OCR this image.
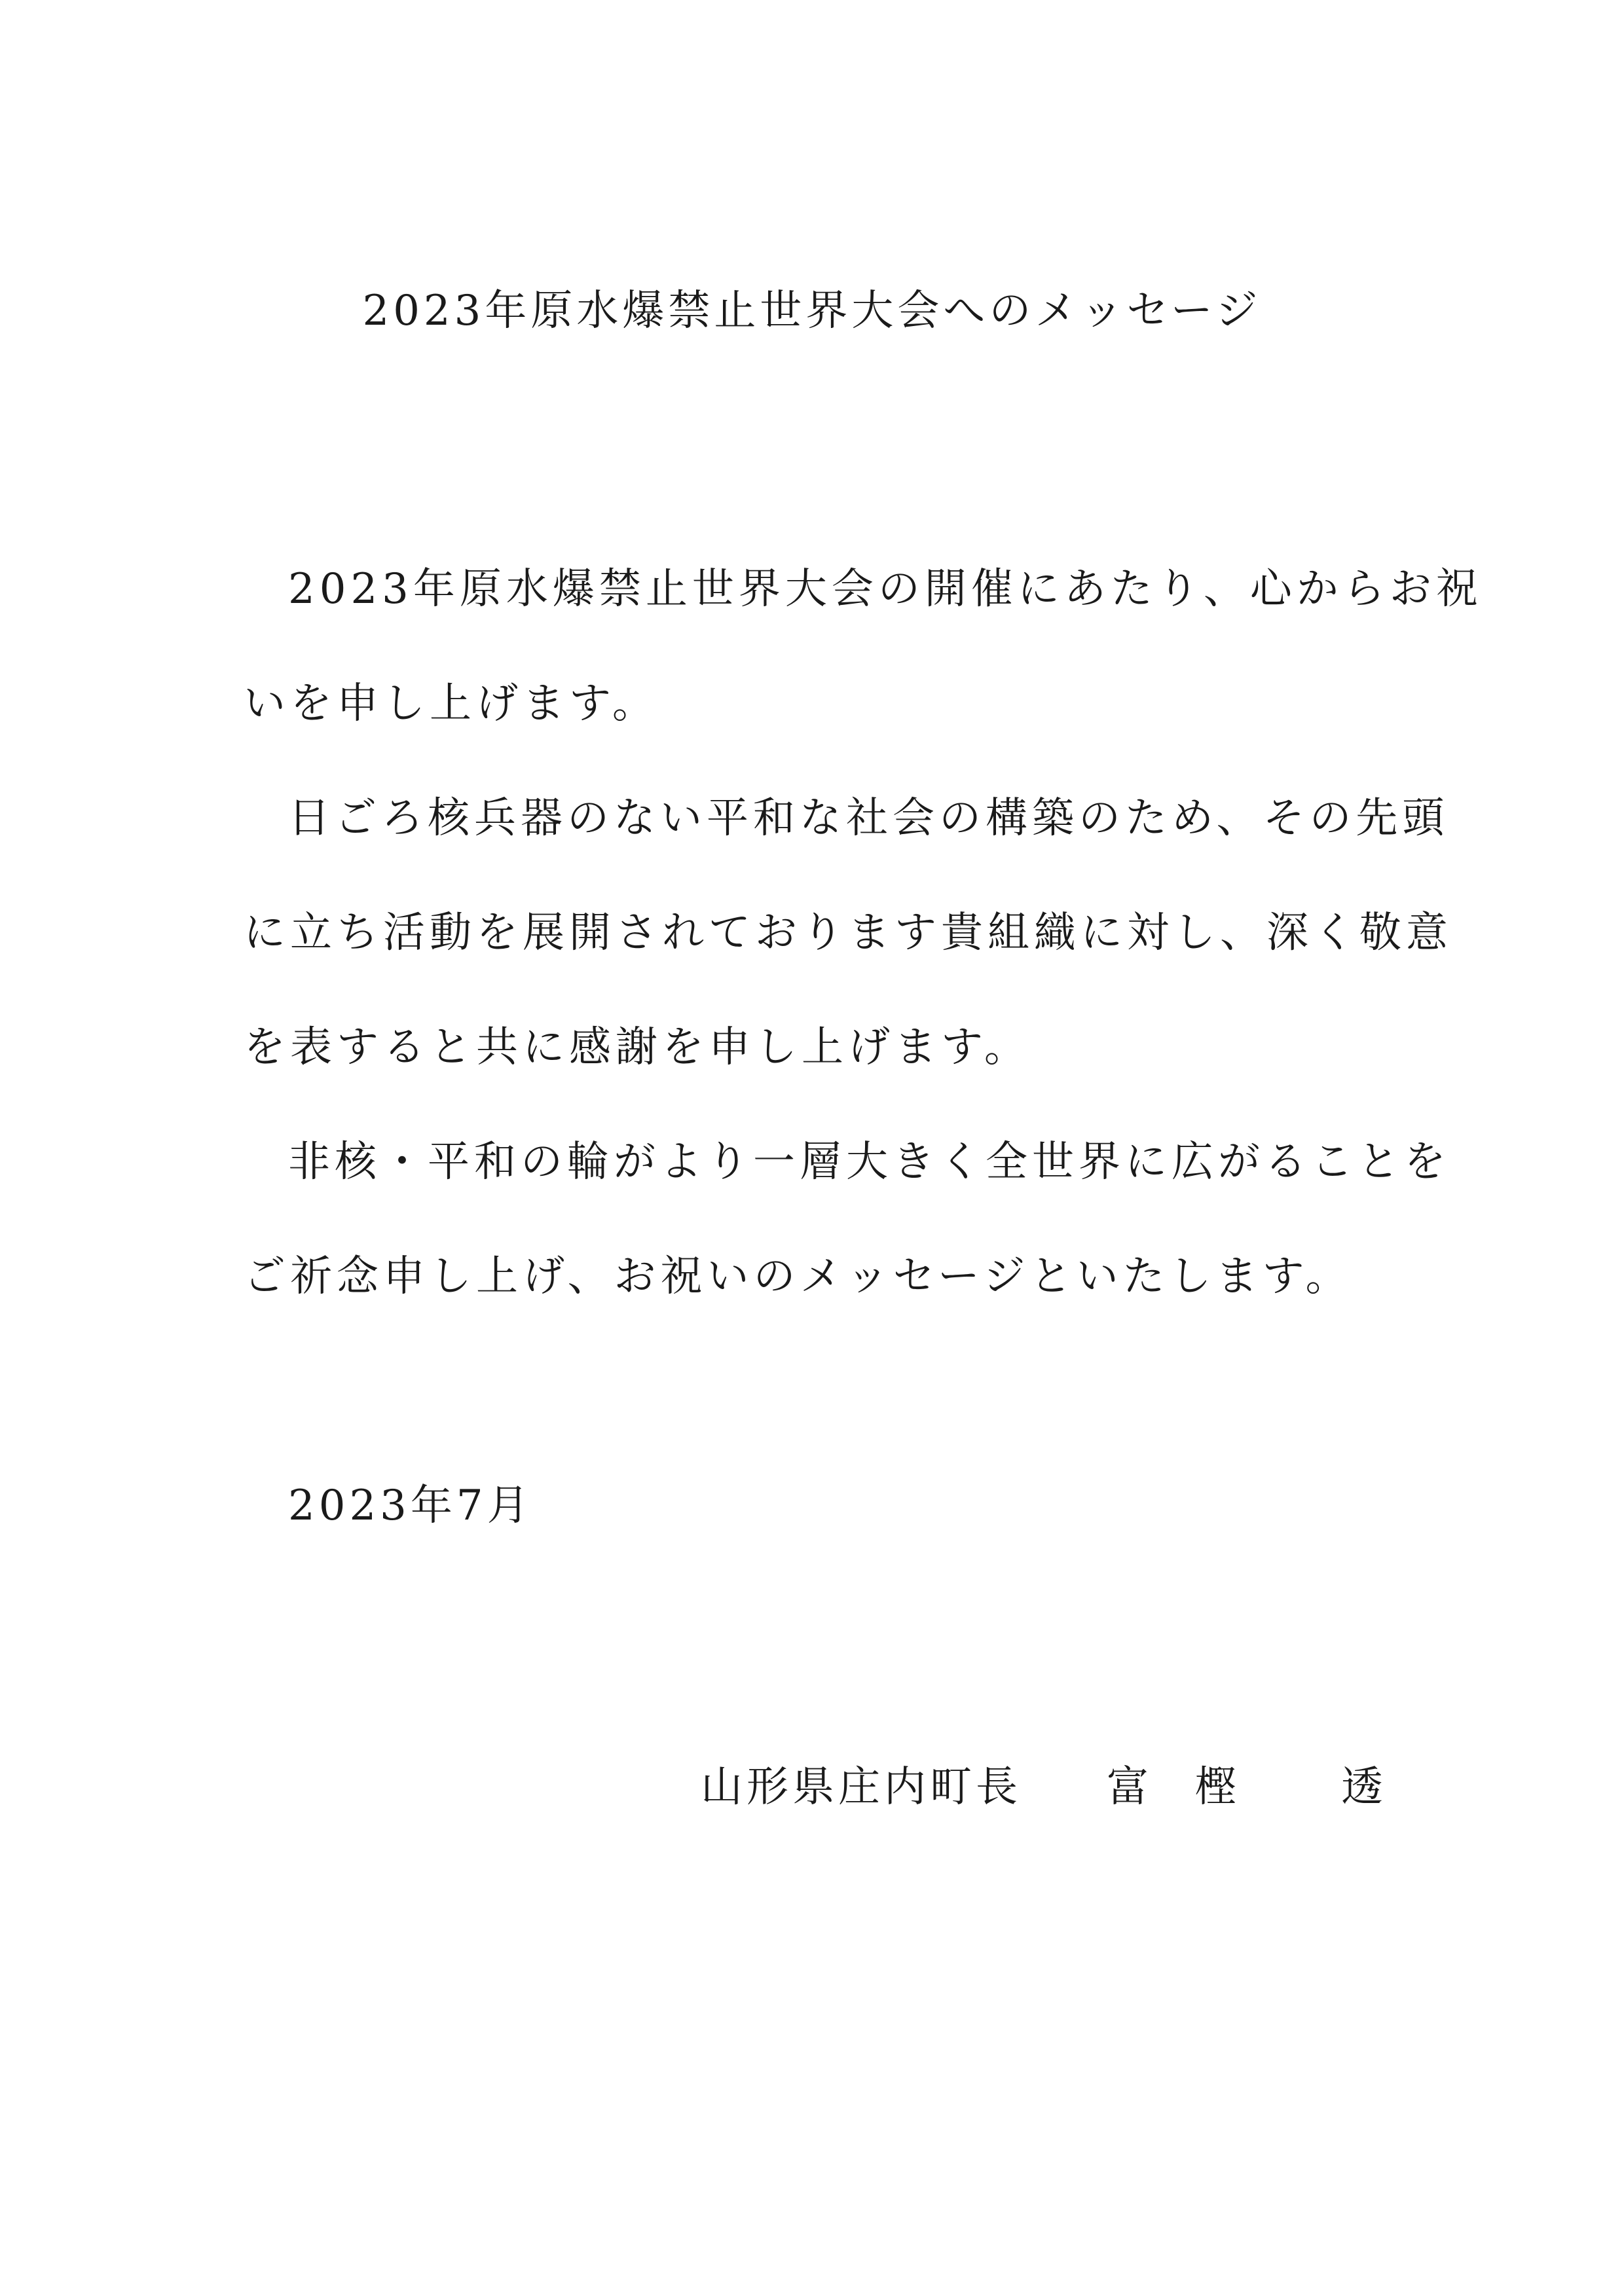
2023年原水爆禁止世界大会へのメッセージ

2023年原水爆禁止世界大会の開催にあたり、心からお祝

いを申し上げます。

日ごろ核兵器のない平和な社会の構築のため、その先頭

に立ち活動を展開されております貴組織に対し、深く敬意

を表すると共に感謝を申し上げます。

非核・平和の輪がより一層大きく全世界に広がることを

ご祈念申し上げ、お祝いのメッセージといたします。

2023年7月
山形県庄内町長 富 樫	透
